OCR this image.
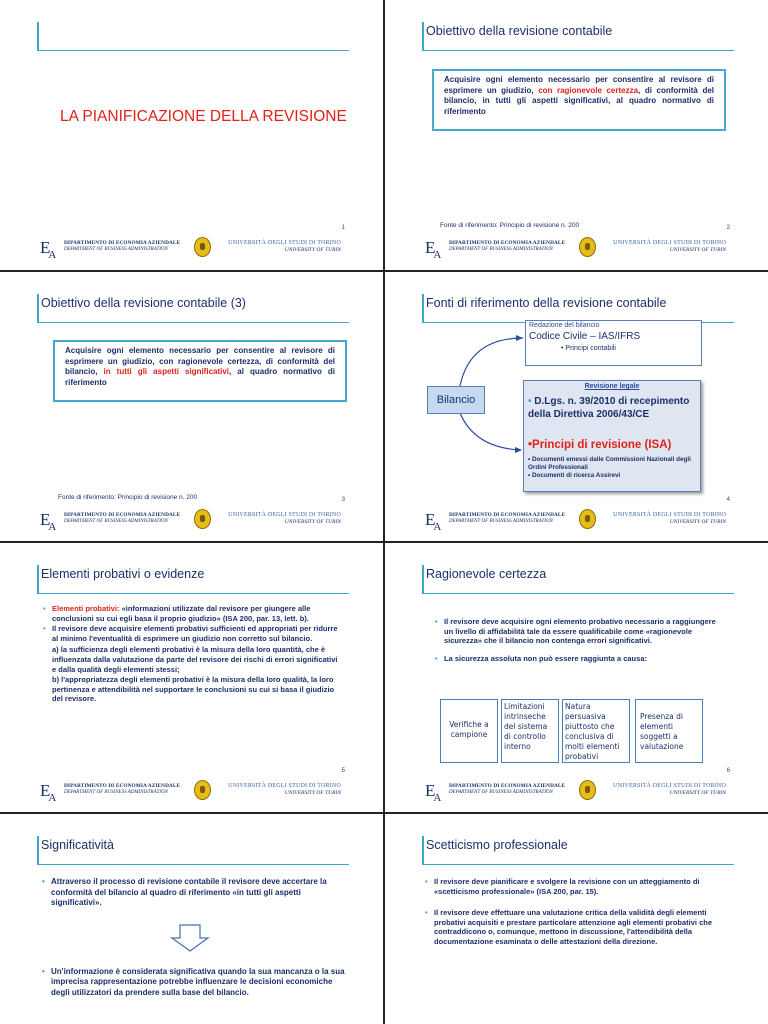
LA PIANIFICAZIONE DELLA REVISIONE
1
$E_A$
DIPARTIMENTO DI ECONOMIA AZIENDALE
DEPARTMENT OF BUSINESS ADMINISTRATION
UNIVERSITÀ DEGLI STUDI DI TORINO
UNIVERSITY OF TURIN
Obiettivo della revisione contabile
Acquisire ogni elemento necessario per consentire al revisore di esprimere un giudizio, con ragionevole certezza, di conformità del bilancio, in tutti gli aspetti significativi, al quadro normativo di riferimento
Fonte di riferimento: Principio di revisione n. 200	2
$E_A$
DIPARTIMENTO DI ECONOMIA AZIENDALE
DEPARTMENT OF BUSINESS ADMINISTRATION
UNIVERSITÀ DEGLI STUDI DI TORINO
UNIVERSITY OF TURIN
Obiettivo della revisione contabile (3)
Acquisire ogni elemento necessario per consentire al revisore di esprimere un giudizio, con ragionevole certezza, di conformità del bilancio, in tutti gli aspetti significativi, al quadro normativo di riferimento
Fonte di riferimento: Principio di revisione n. 200	3
$E_A$
DIPARTIMENTO DI ECONOMIA AZIENDALE
DEPARTMENT OF BUSINESS ADMINISTRATION
UNIVERSITÀ DEGLI STUDI DI TORINO
UNIVERSITY OF TURIN
Fonti di riferimento della revisione contabile
Redazione del bilancio
Codice Civile – IAS/IFRS
• Principi contabili
Bilancio
Revisione legale
• D.Lgs. n. 39/2010 di recepimento della Direttiva 2006/43/CE
•Principi di revisione (ISA)
• Documenti emessi dalle Commissioni Nazionali degli Ordini Professionali
• Documenti di ricerca Assirevi
4
$E_A$
DIPARTIMENTO DI ECONOMIA AZIENDALE
DEPARTMENT OF BUSINESS ADMINISTRATION
UNIVERSITÀ DEGLI STUDI DI TORINO
UNIVERSITY OF TURIN
Elementi probativi o evidenze
• Elementi probativi: «informazioni utilizzate dal revisore per giungere alle conclusioni su cui egli basa il proprio giudizio» (ISA 200, par. 13, lett. b).
• Il revisore deve acquisire elementi probativi sufficienti ed appropriati per ridurre al minimo l'eventualità di esprimere un giudizio non corretto sul bilancio.

a) la sufficienza degli elementi probativi è la misura della loro quantità, che è influenzata dalla valutazione da parte del revisore dei rischi di errori significativi e dalla qualità degli elementi stessi;

b) l'appropriatezza degli elementi probativi è la misura della loro qualità, la loro pertinenza e attendibilità nel supportare le conclusioni su cui si basa il giudizio del revisore.

5
$E_A$
DIPARTIMENTO DI ECONOMIA AZIENDALE
DEPARTMENT OF BUSINESS ADMINISTRATION
UNIVERSITÀ DEGLI STUDI DI TORINO
UNIVERSITY OF TURIN
Ragionevole certezza
• Il revisore deve acquisire ogni elemento probativo necessario a raggiungere un livello di affidabilità tale da essere qualificabile come «ragionevole sicurezza» che il bilancio non contenga errori significativi.
• La sicurezza assoluta non può essere raggiunta a causa:
Verifiche a campione
Limitazioni intrinseche del sistema di controllo interno
Natura persuasiva piuttosto che conclusiva di molti elementi probativi
Presenza di elementi soggetti a valutazione
6
$E_A$
DIPARTIMENTO DI ECONOMIA AZIENDALE
DEPARTMENT OF BUSINESS ADMINISTRATION
UNIVERSITÀ DEGLI STUDI DI TORINO
UNIVERSITY OF TURIN
Significatività
• Attraverso il processo di revisione contabile il revisore deve accertare la conformità del bilancio al quadro di riferimento «in tutti gli aspetti significativi».
• Un'informazione è considerata significativa quando la sua mancanza o la sua imprecisa rappresentazione potrebbe influenzare le decisioni economiche degli utilizzatori da prendere sulla base del bilancio.
Scetticismo professionale
• Il revisore deve pianificare e svolgere la revisione con un atteggiamento di «scetticismo professionale» (ISA 200, par. 15).
• Il revisore deve effettuare una valutazione critica della validità degli elementi probativi acquisiti e prestare particolare attenzione agli elementi probativi che contraddicono o, comunque, mettono in discussione, l'attendibilità della documentazione esaminata o delle attestazioni della direzione.
